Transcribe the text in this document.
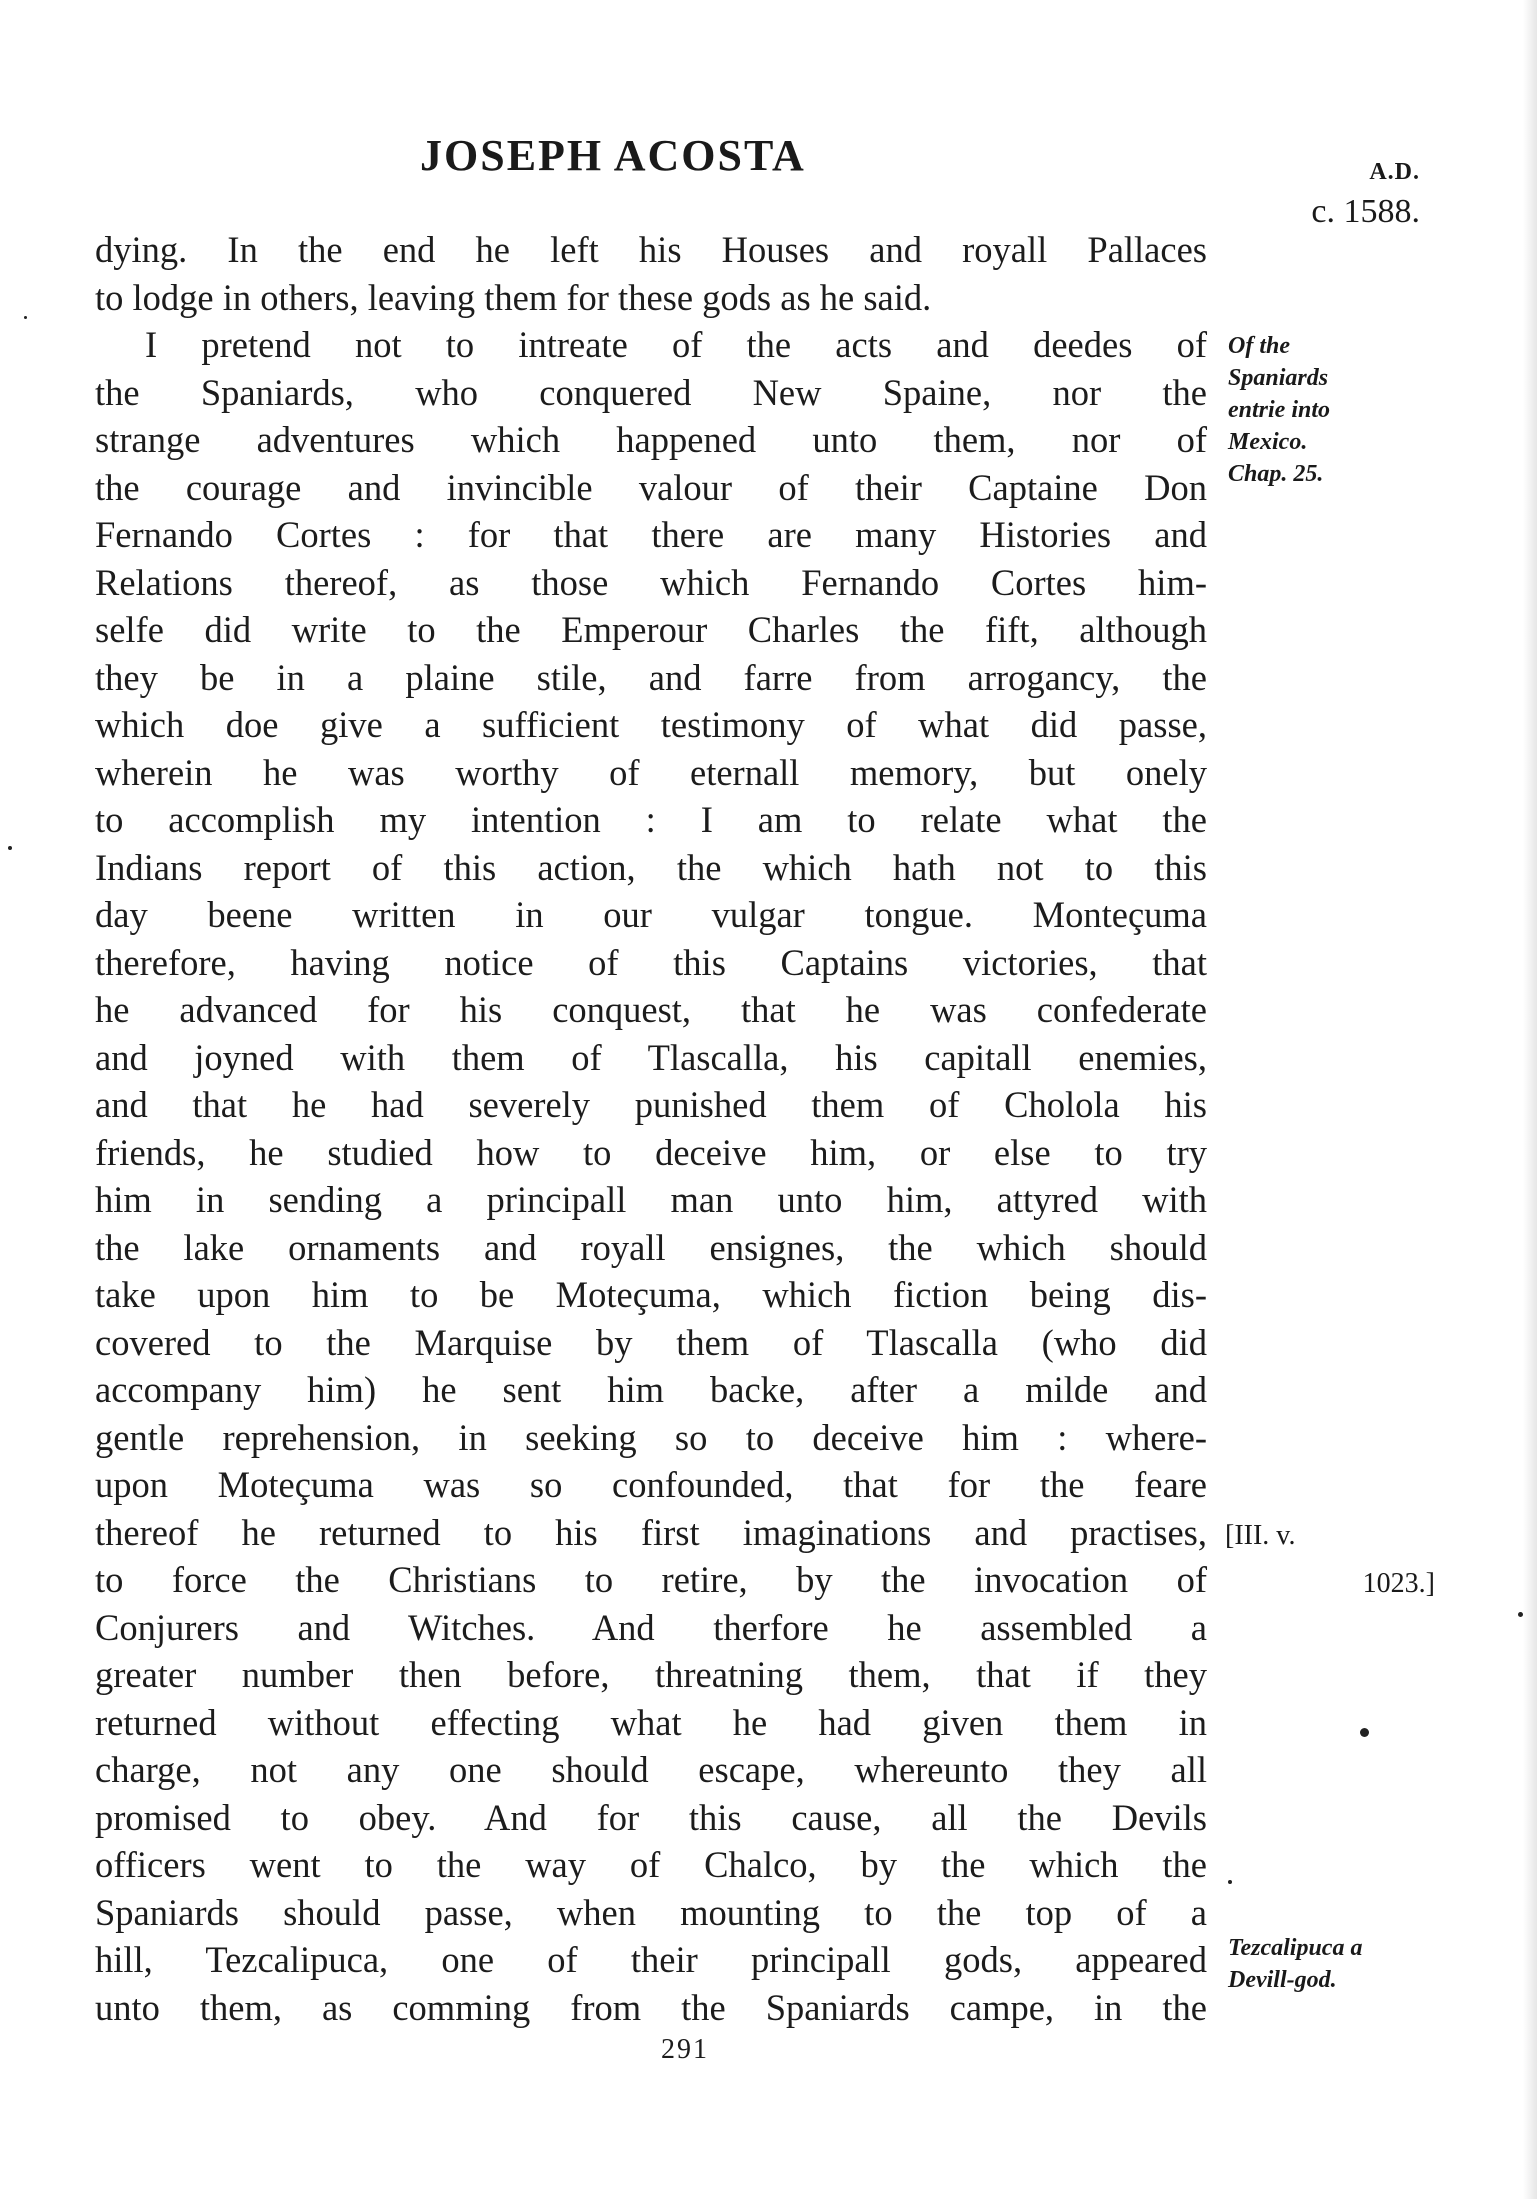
JOSEPH ACOSTA	A.D.
c. 1588.
dying. In the end he left his Houses and royall Pallaces
to lodge in others, leaving them for these gods as he said.
I pretend not to intreate of the acts and deedes of
the Spaniards, who conquered New Spaine, nor the
strange adventures which happened unto them, nor of
the courage and invincible valour of their Captaine Don
Fernando Cortes : for that there are many Histories and
Relations thereof, as those which Fernando Cortes him-
selfe did write to the Emperour Charles the fift, although
they be in a plaine stile, and farre from arrogancy, the
which doe give a sufficient testimony of what did passe,
wherein he was worthy of eternall memory, but onely
to accomplish my intention : I am to relate what the
Indians report of this action, the which hath not to this
day beene written in our vulgar tongue. Monteçuma
therefore, having notice of this Captains victories, that
he advanced for his conquest, that he was confederate
and joyned with them of Tlascalla, his capitall enemies,
and that he had severely punished them of Cholola his
friends, he studied how to deceive him, or else to try
him in sending a principall man unto him, attyred with
the lake ornaments and royall ensignes, the which should
take upon him to be Moteçuma, which fiction being dis-
covered to the Marquise by them of Tlascalla (who did
accompany him) he sent him backe, after a milde and
gentle reprehension, in seeking so to deceive him : where-
upon Moteçuma was so confounded, that for the feare
thereof he returned to his first imaginations and practises,
to force the Christians to retire, by the invocation of
Conjurers and Witches. And therfore he assembled a
greater number then before, threatning them, that if they
returned without effecting what he had given them in
charge, not any one should escape, whereunto they all
promised to obey. And for this cause, all the Devils
officers went to the way of Chalco, by the which the
Spaniards should passe, when mounting to the top of a
hill, Tezcalipuca, one of their principall gods, appeared
unto them, as comming from the Spaniards campe, in the
Of the
Spaniards
entrie into
Mexico.
Chap. 25.
[III. v.
1023.]
Tezcalipuca a
Devill-god.
291
